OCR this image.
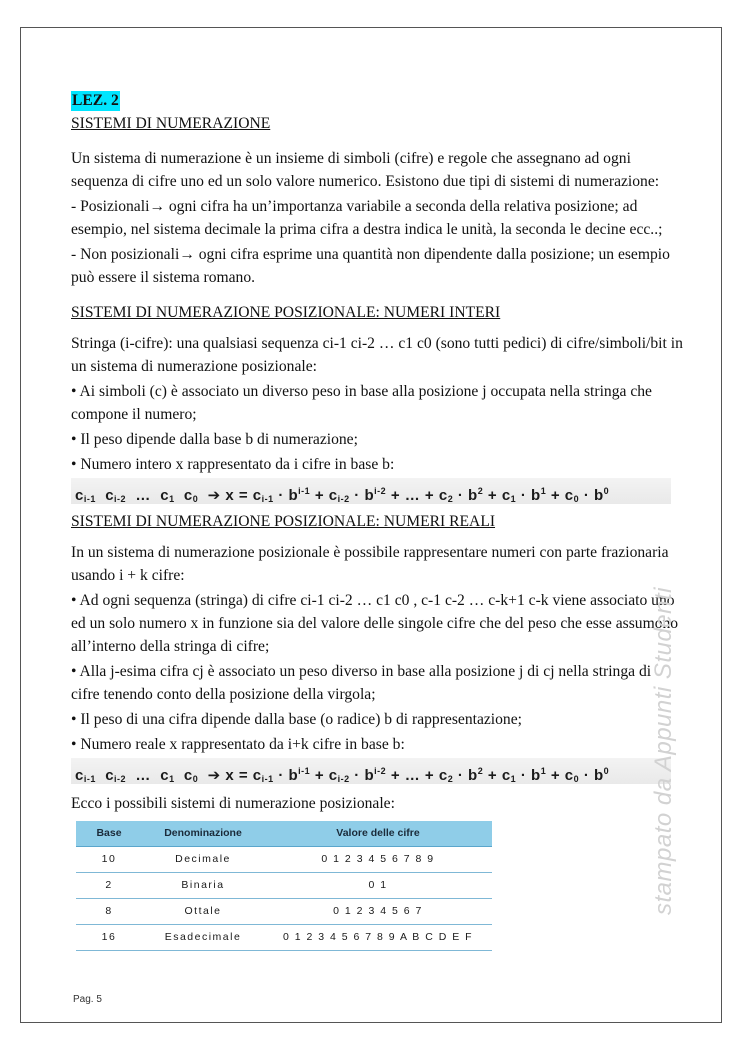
LEZ. 2

SISTEMI DI NUMERAZIONE

Un sistema di numerazione è un insieme di simboli (cifre) e regole che assegnano ad ogni sequenza di cifre uno ed un solo valore numerico. Esistono due tipi di sistemi di numerazione:

- Posizionali→ ogni cifra ha un’importanza variabile a seconda della relativa posizione; ad esempio, nel sistema decimale la prima cifra a destra indica le unità, la seconda le decine ecc..;

- Non posizionali→ ogni cifra esprime una quantità non dipendente dalla posizione; un esempio può essere il sistema romano.

SISTEMI DI NUMERAZIONE POSIZIONALE: NUMERI INTERI

Stringa (i-cifre): una qualsiasi sequenza ci-1 ci-2 … c1 c0 (sono tutti pedici) di cifre/simboli/bit in un sistema di numerazione posizionale:

• Ai simboli (c) è associato un diverso peso in base alla posizione j occupata nella stringa che compone il numero;

• Il peso dipende dalla base b di numerazione;

• Numero intero x rappresentato da i cifre in base b:

$c_{i-1}$  $c_{i-2}$  …  $c_1$  $c_0$  ➔ $x = c_{i-1} \cdot b^{i-1} + c_{i-2} \cdot b^{i-2}$ + … + $c_2 \cdot b^2 + c_1 \cdot b^1 + c_0 \cdot b^0$

SISTEMI DI NUMERAZIONE POSIZIONALE: NUMERI REALI

In un sistema di numerazione posizionale è possibile rappresentare numeri con parte frazionaria usando i + k cifre:

• Ad ogni sequenza (stringa) di cifre ci-1 ci-2 … c1 c0 , c-1 c-2 … c-k+1 c-k viene associato uno ed un solo numero x in funzione sia del valore delle singole cifre che del peso che esse assumono all’interno della stringa di cifre;

• Alla j-esima cifra cj è associato un peso diverso in base alla posizione j di cj nella stringa di cifre tenendo conto della posizione della virgola;

• Il peso di una cifra dipende dalla base (o radice) b di rappresentazione;

• Numero reale x rappresentato da i+k cifre in base b:

$c_{i-1}$  $c_{i-2}$  …  $c_1$  $c_0$  ➔ $x = c_{i-1} \cdot b^{i-1} + c_{i-2} \cdot b^{i-2}$ + … + $c_2 \cdot b^2 + c_1 \cdot b^1 + c_0 \cdot b^0$

Ecco i possibili sistemi di numerazione posizionale:

Base	Denominazione	Valore delle cifre
10	Decimale	0 1 2 3 4 5 6 7 8 9
2	Binaria	0 1
8	Ottale	0 1 2 3 4 5 6 7
16	Esadecimale	0 1 2 3 4 5 6 7 8 9 A B C D E F
stampato da Appunti Studenti
Pag. 5
